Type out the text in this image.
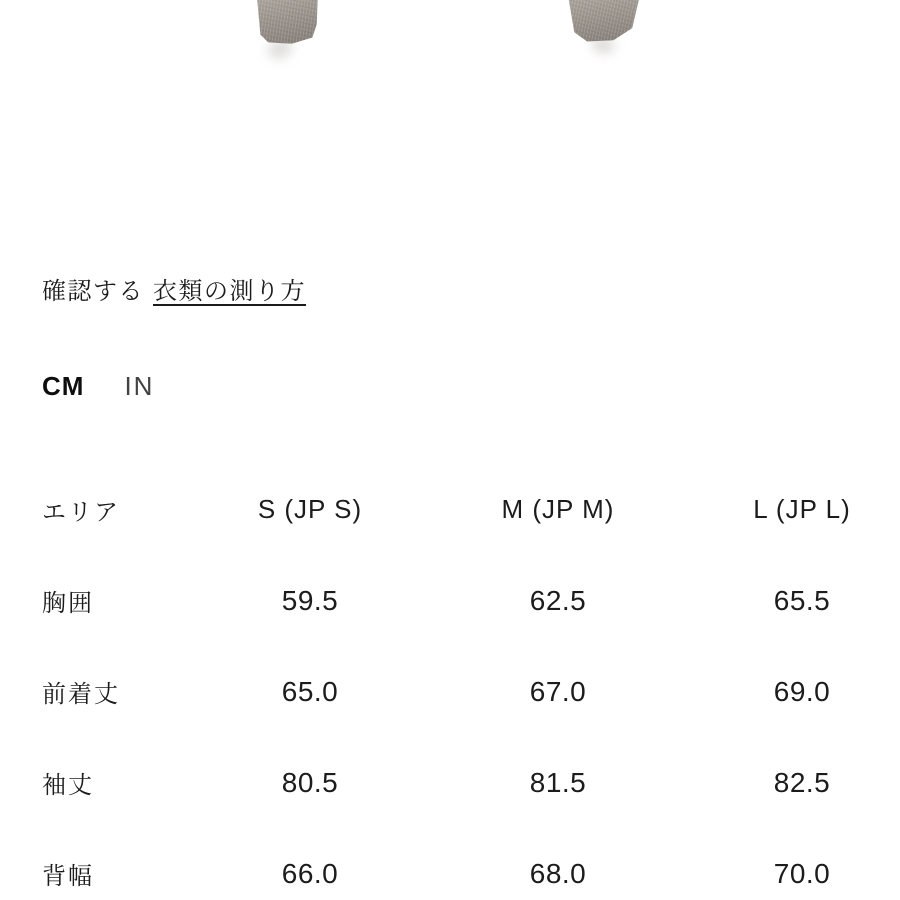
確認する 衣類の測り方
CM IN
エリア	S (JP S)	M (JP M)	L (JP L)
胸囲	59.5	62.5	65.5
前着丈	65.0	67.0	69.0
袖丈	80.5	81.5	82.5
背幅	66.0	68.0	70.0
